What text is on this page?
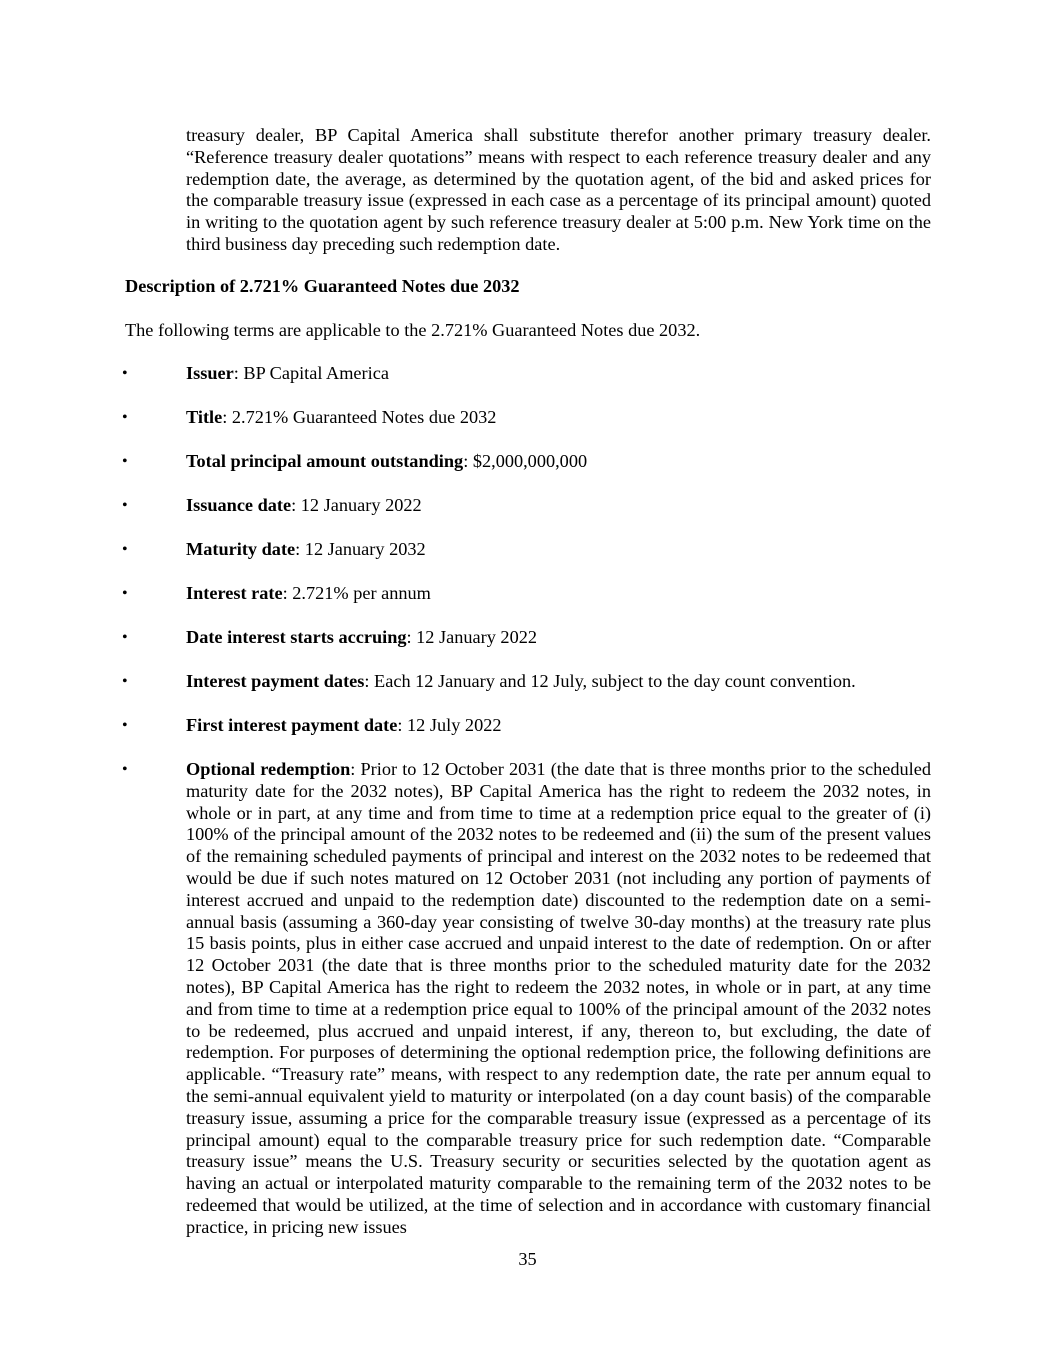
treasury dealer, BP Capital America shall substitute therefor another primary treasury dealer. “Reference treasury dealer quotations” means with respect to each reference treasury dealer and any redemption date, the average, as determined by the quotation agent, of the bid and asked prices for the comparable treasury issue (expressed in each case as a percentage of its principal amount) quoted in writing to the quotation agent by such reference treasury dealer at 5:00 p.m. New York time on the third business day preceding such redemption date.

Description of 2.721% Guaranteed Notes due 2032

The following terms are applicable to the 2.721% Guaranteed Notes due 2032.

•	Issuer: BP Capital America
•	Title: 2.721% Guaranteed Notes due 2032
•	Total principal amount outstanding: $2,000,000,000
•	Issuance date: 12 January 2022
•	Maturity date: 12 January 2032
•	Interest rate: 2.721% per annum
•	Date interest starts accruing: 12 January 2022
•	Interest payment dates: Each 12 January and 12 July, subject to the day count convention.
•	First interest payment date: 12 July 2022
•	Optional redemption: Prior to 12 October 2031 (the date that is three months prior to the scheduled maturity date for the 2032 notes), BP Capital America has the right to redeem the 2032 notes, in whole or in part, at any time and from time to time at a redemption price equal to the greater of (i) 100% of the principal amount of the 2032 notes to be redeemed and (ii) the sum of the present values of the remaining scheduled payments of principal and interest on the 2032 notes to be redeemed that would be due if such notes matured on 12 October 2031 (not including any portion of payments of interest accrued and unpaid to the redemption date) discounted to the redemption date on a semi-annual basis (assuming a 360-day year consisting of twelve 30-day months) at the treasury rate plus 15 basis points, plus in either case accrued and unpaid interest to the date of redemption. On or after 12 October 2031 (the date that is three months prior to the scheduled maturity date for the 2032 notes), BP Capital America has the right to redeem the 2032 notes, in whole or in part, at any time and from time to time at a redemption price equal to 100% of the principal amount of the 2032 notes to be redeemed, plus accrued and unpaid interest, if any, thereon to, but excluding, the date of redemption. For purposes of determining the optional redemption price, the following definitions are applicable. “Treasury rate” means, with respect to any redemption date, the rate per annum equal to the semi-annual equivalent yield to maturity or interpolated (on a day count basis) of the comparable treasury issue, assuming a price for the comparable treasury issue (expressed as a percentage of its principal amount) equal to the comparable treasury price for such redemption date. “Comparable treasury issue” means the U.S. Treasury security or securities selected by the quotation agent as having an actual or interpolated maturity comparable to the remaining term of the 2032 notes to be redeemed that would be utilized, at the time of selection and in accordance with customary financial practice, in pricing new issues

35
